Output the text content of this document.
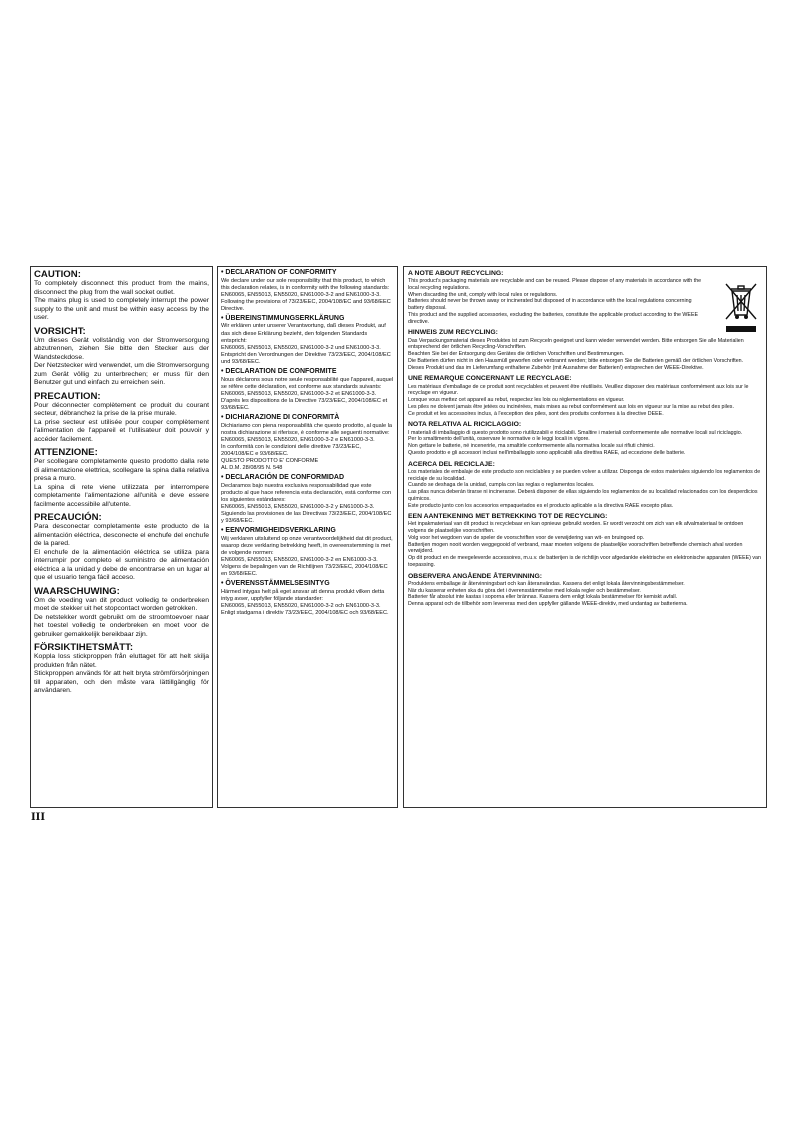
CAUTION:

To completely disconnect this product from the mains, disconnect the plug from the wall socket outlet.

The mains plug is used to completely interrupt the power supply to the unit and must be within easy access by the user.

VORSICHT:

Um dieses Gerät vollständig von der Stromversorgung abzutrennen, ziehen Sie bitte den Stecker aus der Wandsteckdose.

Der Netzstecker wird verwendet, um die Stromversorgung zum Gerät völlig zu unterbrechen; er muss für den Benutzer gut und einfach zu erreichen sein.

PRECAUTION:

Pour déconnecter complètement ce produit du courant secteur, débranchez la prise de la prise murale.

La prise secteur est utilisée pour couper complètement l'alimentation de l'appareil et l'utilisateur doit pouvoir y accéder facilement.

ATTENZIONE:

Per scollegare completamente questo prodotto dalla rete di alimentazione elettrica, scollegare la spina dalla relativa presa a muro.

La spina di rete viene utilizzata per interrompere completamente l'alimentazione all'unità e deve essere facilmente accessibile all'utente.

PRECAUCIÓN:

Para desconectar completamente este producto de la alimentación eléctrica, desconecte el enchufe del enchufe de la pared.

El enchufe de la alimentación eléctrica se utiliza para interrumpir por completo el suministro de alimentación eléctrica a la unidad y debe de encontrarse en un lugar al que el usuario tenga fácil acceso.

WAARSCHUWING:

Om de voeding van dit product volledig te onderbreken moet de stekker uit het stopcontact worden getrokken.

De netstekker wordt gebruikt om de stroomtoevoer naar het toestel volledig te onderbreken en moet voor de gebruiker gemakkelijk bereikbaar zijn.

FÖRSIKTIHETSMÅTT:

Koppla loss stickproppen från eluttaget för att helt skilja produkten från nätet.

Stickproppen används för att helt bryta strömförsörjningen till apparaten, och den måste vara lättillgänglig för användaren.

• DECLARATION OF CONFORMITY

We declare under our sole responsibility that this product, to which this declaration relates, is in conformity with the following standards:

EN60065, EN55013, EN55020, EN61000-3-2 and EN61000-3-3.

Following the provisions of 73/23/EEC, 2004/108/EC and 93/68/EEC Directive.

• ÜBEREINSTIMMUNGSERKLÄRUNG

Wir erklären unter unserer Verantwortung, daß dieses Produkt, auf das sich diese Erklärung bezieht, den folgenden Standards entspricht:

EN60065, EN55013, EN55020, EN61000-3-2 und EN61000-3-3.

Entspricht den Verordnungen der Direktive 73/23/EEC, 2004/108/EC und 93/68/EEC.

• DECLARATION DE CONFORMITE

Nous déclarons sous notre seule responsabilité que l'appareil, auquel se réfère cette déclaration, est conforme aux standards suivants:

EN60065, EN55013, EN55020, EN61000-3-2 et EN61000-3-3.

D'après les dispositions de la Directive 73/23/EEC, 2004/108/EC et 93/68/EEC.

• DICHIARAZIONE DI CONFORMITÀ

Dichiariamo con piena responsabilità che questo prodotto, al quale la nostra dichiarazione si riferisce, è conforme alle seguenti normative:

EN60065, EN55013, EN55020, EN61000-3-2 e EN61000-3-3.

In conformità con le condizioni delle direttive 73/23/EEC, 2004/108/EC e 93/68/EEC.

QUESTO PRODOTTO E' CONFORME

AL D.M. 28/08/95 N. 548

• DECLARACIÓN DE CONFORMIDAD

Declaramos bajo nuestra exclusiva responsabilidad que este producto al que hace referencia esta declaración, está conforme con los siguientes estándares:

EN60065, EN55013, EN55020, EN61000-3-2 y EN61000-3-3.

Siguiendo las provisiones de las Directivas 73/23/EEC, 2004/108/EC y 93/68/EEC.

• EENVORMIGHEIDSVERKLARING

Wij verklaren uitsluitend op onze verantwoordelijkheid dat dit product, waarop deze verklaring betrekking heeft, in overeenstemming is met de volgende normen:

EN60065, EN55013, EN55020, EN61000-3-2 en EN61000-3-3.

Volgens de bepalingen van de Richtlijnen 73/23/EEC, 2004/108/EC en 93/68/EEC.

• ÖVERENSSTÄMMELSESINTYG

Härmed intygas helt på eget ansvar att denna produkt vilken detta intyg avser, uppfyller följande standarder:

EN60065, EN55013, EN55020, EN61000-3-2 och EN61000-3-3. Enligt stadgarna i direktiv 73/23/EEC, 2004/108/EC och 93/68/EEC.

A NOTE ABOUT RECYCLING:

This product's packaging materials are recyclable and can be reused. Please dispose of any materials in accordance with the local recycling regulations.

When discarding the unit, comply with local rules or regulations.

Batteries should never be thrown away or incinerated but disposed of in accordance with the local regulations concerning battery disposal.

This product and the supplied accessories, excluding the batteries, constitute the applicable product according to the WEEE directive.

HINWEIS ZUM RECYCLING:

Das Verpackungsmaterial dieses Produktes ist zum Recyceln geeignet und kann wieder verwendet werden. Bitte entsorgen Sie alle Materialien entsprechend der örtlichen Recycling-Vorschriften.

Beachten Sie bei der Entsorgung des Gerätes die örtlichen Vorschriften und Bestimmungen.

Die Batterien dürfen nicht in den Hausmüll geworfen oder verbrannt werden; bitte entsorgen Sie die Batterien gemäß der örtlichen Vorschriften.

Dieses Produkt und das im Lieferumfang enthaltene Zubehör (mit Ausnahme der Batterien!) entsprechen der WEEE-Direktive.

UNE REMARQUE CONCERNANT LE RECYCLAGE:

Les matériaux d'emballage de ce produit sont recyclables et peuvent être réutilisés. Veuillez disposer des matériaux conformément aux lois sur le recyclage en vigueur.

Lorsque vous mettez cet appareil au rebut, respectez les lois ou réglementations en vigueur.

Les piles ne doivent jamais être jetées ou incinérées, mais mises au rebut conformément aux lois en vigueur sur la mise au rebut des piles.

Ce produit et les accessoires inclus, à l'exception des piles, sont des produits conformes à la directive DEEE.

NOTA RELATIVA AL RICICLAGGIO:

I materiali di imballaggio di questo prodotto sono riutilizzabili e riciclabili. Smaltire i materiali conformemente alle normative locali sul riciclaggio.

Per lo smaltimento dell'unità, osservare le normative o le leggi locali in vigore.

Non gettare le batterie, né incenerirle, ma smaltirle conformemente alla normativa locale sui rifiuti chimici.

Questo prodotto e gli accessori inclusi nell'imballaggio sono applicabili alla direttiva RAEE, ad eccezione delle batterie.

ACERCA DEL RECICLAJE:

Los materiales de embalaje de este producto son reciclables y se pueden volver a utilizar. Disponga de estos materiales siguiendo los reglamentos de reciclaje de su localidad.

Cuando se deshaga de la unidad, cumpla con las reglas o reglamentos locales.

Las pilas nunca deberán tirarse ni incinerarse. Deberá disponer de ellas siguiendo los reglamentos de su localidad relacionados con los desperdicios químicos.

Este producto junto con los accesorios empaquetados es el producto aplicable a la directiva RAEE excepto pilas.

EEN AANTEKENING MET BETREKKING TOT DE RECYCLING:

Het inpakmateriaal van dit product is recyclebaar en kan opnieuw gebruikt worden. Er wordt verzocht om zich van elk afvalmateriaal te ontdoen volgens de plaatselijke voorschriften.

Volg voor het wegdoen van de speler de voorschriften voor de verwijdering van wit- en bruingoed op.

Batterijen mogen nooit worden weggegooid of verbrand, maar moeten volgens de plaatselijke voorschriften betreffende chemisch afval worden verwijderd.

Op dit product en de meegeleverde accessoires, m.u.v. de batterijen is de richtlijn voor afgedankte elektrische en elektronische apparaten (WEEE) van toepassing.

OBSERVERA ANGÅENDE ÅTERVINNING:

Produktens emballage är återvinningsbart och kan återanvändas. Kassera det enligt lokala återvinningsbestämmelser.

När du kasserar enheten ska du göra det i överensstämmelse med lokala regler och bestämmelser.

Batterier får absolut inte kastas i soporna eller brännas. Kassera dem enligt lokala bestämmelser för kemiskt avfall.

Denna apparat och de tillbehör som levereras med den uppfyller gällande WEEE-direktiv, med undantag av batterierna.

III
